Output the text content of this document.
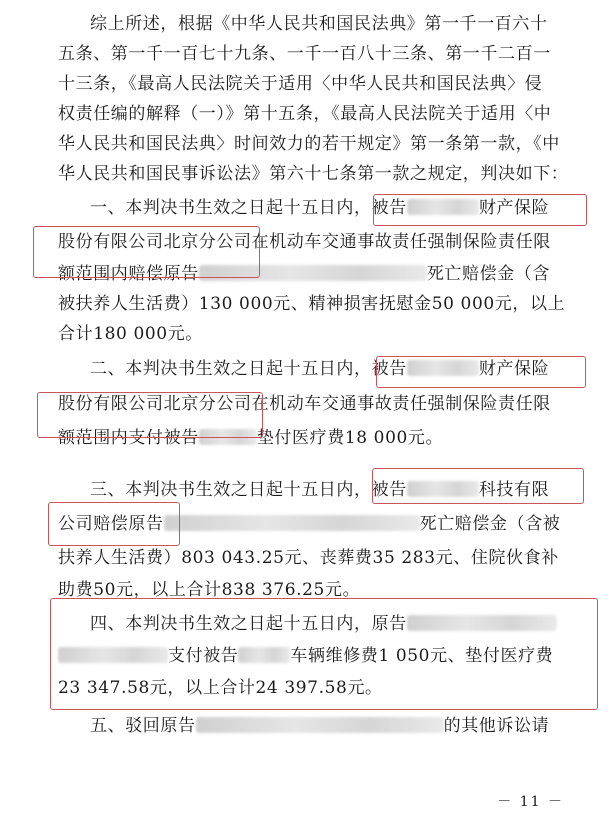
综上所述，根据《中华人民共和国民法典》第一千一百六十
五条、第一千一百七十九条、一千一百八十三条、第一千二百一
十三条，《最高人民法院关于适用〈中华人民共和国民法典〉侵
权责任编的解释（一）》第十五条，《最高人民法院关于适用〈中
华人民共和国民法典〉时间效力的若干规定》第一条第一款，《中
华人民共和国民事诉讼法》第六十七条第一款之规定，判决如下：
一、本判决书生效之日起十五日内，被告	财产保险
股份有限公司北京分公司在机动车交通事故责任强制保险责任限
额范围内赔偿原告	死亡赔偿金（含
被扶养人生活费）130 000元、精神损害抚慰金50 000元，以上
合计180 000元。
二、本判决书生效之日起十五日内，被告	财产保险
股份有限公司北京分公司在机动车交通事故责任强制保险责任限
额范围内支付被告	垫付医疗费18 000元。
三、本判决书生效之日起十五日内，被告	科技有限
公司赔偿原告	死亡赔偿金（含被
扶养人生活费）803 043.25元、丧葬费35 283元、住院伙食补
助费50元，以上合计838 376.25元。
四、本判决书生效之日起十五日内，原告
支付被告	车辆维修费1 050元、垫付医疗费
23 347.58元，以上合计24 397.58元。
五、驳回原告	的其他诉讼请
－ 11 －
